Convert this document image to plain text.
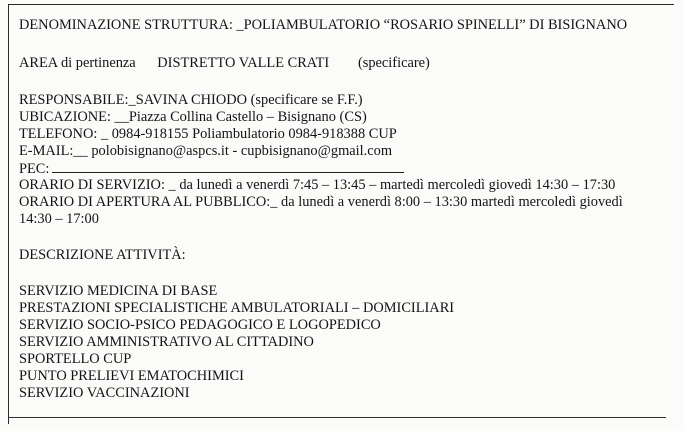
DENOMINAZIONE STRUTTURA: _POLIAMBULATORIO “ROSARIO SPINELLI” DI BISIGNANO
AREA di pertinenza      DISTRETTO VALLE CRATI        (specificare)
RESPONSABILE:_SAVINA CHIODO (specificare se F.F.)
UBICAZIONE: __Piazza Collina Castello – Bisignano (CS)
TELEFONO: _ 0984-918155 Poliambulatorio 0984-918388 CUP
E-MAIL:__ polobisignano@aspcs.it - cupbisignano@gmail.com
PEC:
ORARIO DI SERVIZIO: _ da lunedì a venerdì 7:45 – 13:45 – martedì mercoledì giovedì 14:30 – 17:30
ORARIO DI APERTURA AL PUBBLICO:_ da lunedì a venerdì 8:00 – 13:30 martedì mercoledì giovedì
14:30 – 17:00
DESCRIZIONE ATTIVITÀ:
SERVIZIO MEDICINA DI BASE
PRESTAZIONI SPECIALISTICHE AMBULATORIALI – DOMICILIARI
SERVIZIO SOCIO-PSICO PEDAGOGICO E LOGOPEDICO
SERVIZIO AMMINISTRATIVO AL CITTADINO
SPORTELLO CUP
PUNTO PRELIEVI EMATOCHIMICI
SERVIZIO VACCINAZIONI
